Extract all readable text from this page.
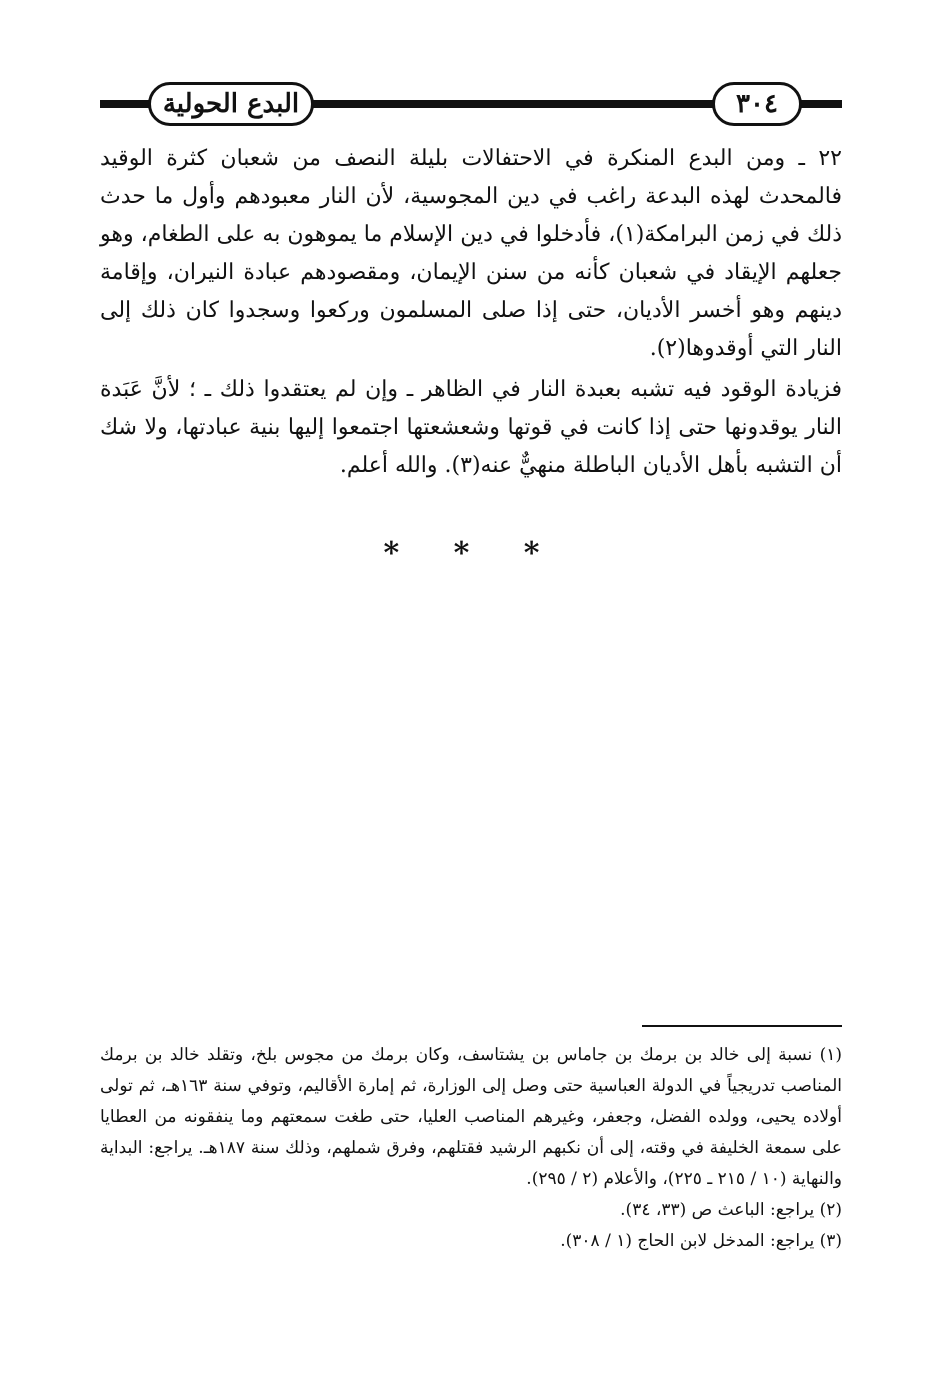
البدع الحولية	٣٠٤

٢٢ ـ ومن البدع المنكرة في الاحتفالات بليلة النصف من شعبان كثرة الوقيد فالمحدث لهذه البدعة راغب في دين المجوسية، لأن النار معبودهم وأول ما حدث ذلك في زمن البرامكة(١)، فأدخلوا في دين الإسلام ما يموهون به على الطغام، وهو جعلهم الإيقاد في شعبان كأنه من سنن الإيمان، ومقصودهم عبادة النيران، وإقامة دينهم وهو أخسر الأديان، حتى إذا صلى المسلمون وركعوا وسجدوا كان ذلك إلى النار التي أوقدوها(٢).

فزيادة الوقود فيه تشبه بعبدة النار في الظاهر ـ وإن لم يعتقدوا ذلك ـ ؛ لأنَّ عَبَدة النار يوقدونها حتى إذا كانت في قوتها وشعشعتها اجتمعوا إليها بنية عبادتها، ولا شك أن التشبه بأهل الأديان الباطلة منهيٌّ عنه(٣). والله أعلم.

* * *

(١) نسبة إلى خالد بن برمك بن جاماس بن يشتاسف، وكان برمك من مجوس بلخ، وتقلد خالد بن برمك المناصب تدريجياً في الدولة العباسية حتى وصل إلى الوزارة، ثم إمارة الأقاليم، وتوفي سنة ١٦٣هـ، ثم تولى أولاده يحيى، وولده الفضل، وجعفر، وغيرهم المناصب العليا، حتى طغت سمعتهم وما ينفقونه من العطايا على سمعة الخليفة في وقته، إلى أن نكبهم الرشيد فقتلهم، وفرق شملهم، وذلك سنة ١٨٧هـ. يراجع: البداية والنهاية (١٠ / ٢١٥ ـ ٢٢٥)، والأعلام (٢ / ٢٩٥).

(٢) يراجع: الباعث ص (٣٣، ٣٤).

(٣) يراجع: المدخل لابن الحاج (١ / ٣٠٨).
